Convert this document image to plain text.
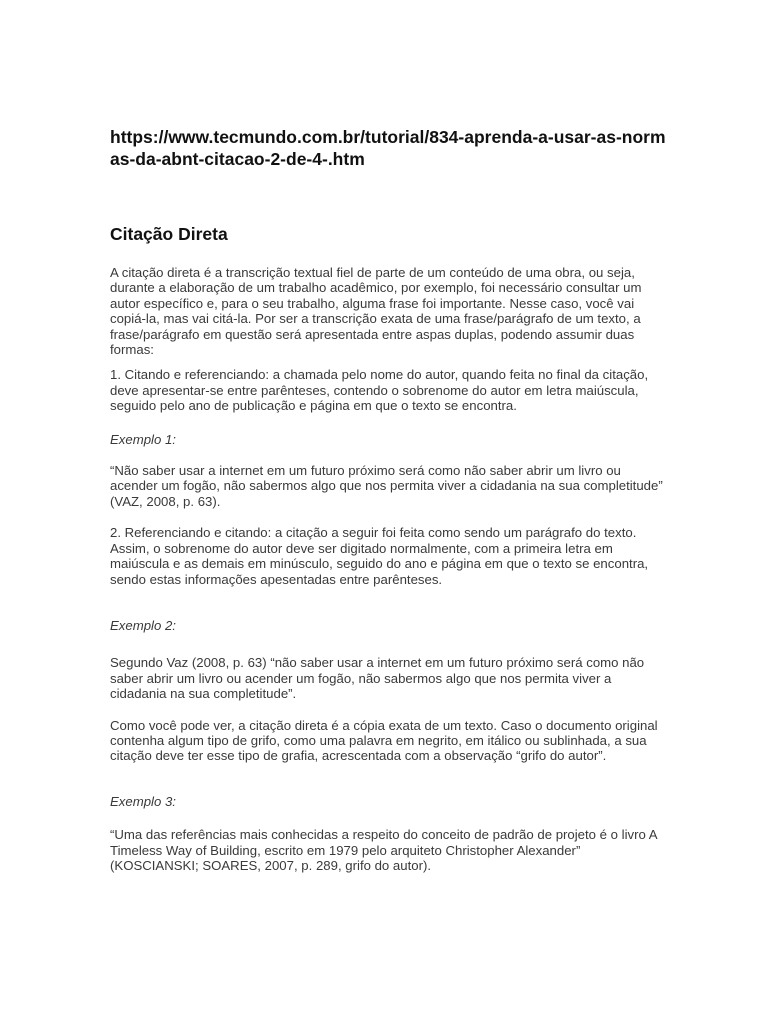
https://www.tecmundo.com.br/tutorial/834-aprenda-a-usar-as-normas-da-abnt-citacao-2-de-4-.htm

Citação Direta

A citação direta é a transcrição textual fiel de parte de um conteúdo de uma obra, ou seja, durante a elaboração de um trabalho acadêmico, por exemplo, foi necessário consultar um autor específico e, para o seu trabalho, alguma frase foi importante. Nesse caso, você vai copiá-la, mas vai citá-la. Por ser a transcrição exata de uma frase/parágrafo de um texto, a frase/parágrafo em questão será apresentada entre aspas duplas, podendo assumir duas formas:

1. Citando e referenciando: a chamada pelo nome do autor, quando feita no final da citação, deve apresentar-se entre parênteses, contendo o sobrenome do autor em letra maiúscula, seguido pelo ano de publicação e página em que o texto se encontra.

Exemplo 1:

“Não saber usar a internet em um futuro próximo será como não saber abrir um livro ou acender um fogão, não sabermos algo que nos permita viver a cidadania na sua completitude” (VAZ, 2008, p. 63).

2. Referenciando e citando: a citação a seguir foi feita como sendo um parágrafo do texto. Assim, o sobrenome do autor deve ser digitado normalmente, com a primeira letra em maiúscula e as demais em minúsculo, seguido do ano e página em que o texto se encontra, sendo estas informações apesentadas entre parênteses.

Exemplo 2:

Segundo Vaz (2008, p. 63) “não saber usar a internet em um futuro próximo será como não saber abrir um livro ou acender um fogão, não sabermos algo que nos permita viver a cidadania na sua completitude”.

Como você pode ver, a citação direta é a cópia exata de um texto. Caso o documento original contenha algum tipo de grifo, como uma palavra em negrito, em itálico ou sublinhada, a sua citação deve ter esse tipo de grafia, acrescentada com a observação “grifo do autor”.

Exemplo 3:

“Uma das referências mais conhecidas a respeito do conceito de padrão de projeto é o livro A Timeless Way of Building, escrito em 1979 pelo arquiteto Christopher Alexander” (KOSCIANSKI; SOARES, 2007, p. 289, grifo do autor).
